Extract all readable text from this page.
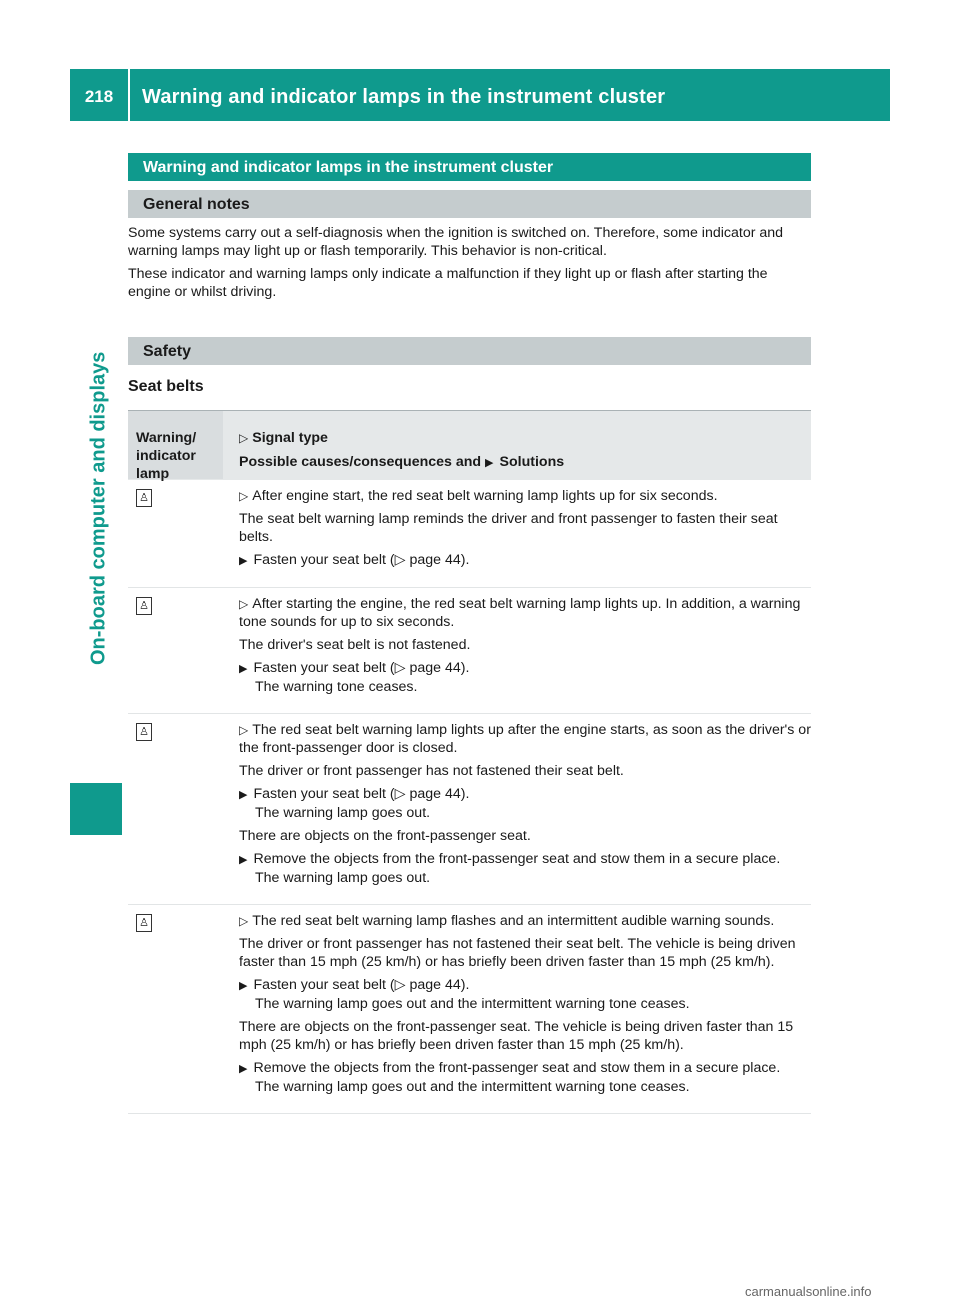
218	Warning and indicator lamps in the instrument cluster
On-board computer and displays
Warning and indicator lamps in the instrument cluster
General notes

Some systems carry out a self-diagnosis when the ignition is switched on. Therefore, some indicator and warning lamps may light up or flash temporarily. This behavior is non-critical.

These indicator and warning lamps only indicate a malfunction if they light up or flash after starting the engine or whilst driving.

Safety

Seat belts

Warning/ indicator lamp
▷ Signal type
Possible causes/consequences and ▶ Solutions
♙	▷ After engine start, the red seat belt warning lamp lights up for six seconds.

The seat belt warning lamp reminds the driver and front passenger to fasten their seat belts.

▶ Fasten your seat belt (▷ page 44).

♙	▷ After starting the engine, the red seat belt warning lamp lights up. In addition, a warning tone sounds for up to six seconds.

The driver's seat belt is not fastened.

▶ Fasten your seat belt (▷ page 44).

The warning tone ceases.

♙	▷ The red seat belt warning lamp lights up after the engine starts, as soon as the driver's or the front-passenger door is closed.

The driver or front passenger has not fastened their seat belt.

▶ Fasten your seat belt (▷ page 44).

The warning lamp goes out.

There are objects on the front-passenger seat.

▶ Remove the objects from the front-passenger seat and stow them in a secure place.

The warning lamp goes out.

♙	▷ The red seat belt warning lamp flashes and an intermittent audible warning sounds.

The driver or front passenger has not fastened their seat belt. The vehicle is being driven faster than 15 mph (25 km/h) or has briefly been driven faster than 15 mph (25 km/h).

▶ Fasten your seat belt (▷ page 44).

The warning lamp goes out and the intermittent warning tone ceases.

There are objects on the front-passenger seat. The vehicle is being driven faster than 15 mph (25 km/h) or has briefly been driven faster than 15 mph (25 km/h).

▶ Remove the objects from the front-passenger seat and stow them in a secure place.

The warning lamp goes out and the intermittent warning tone ceases.

carmanualsonline.info
